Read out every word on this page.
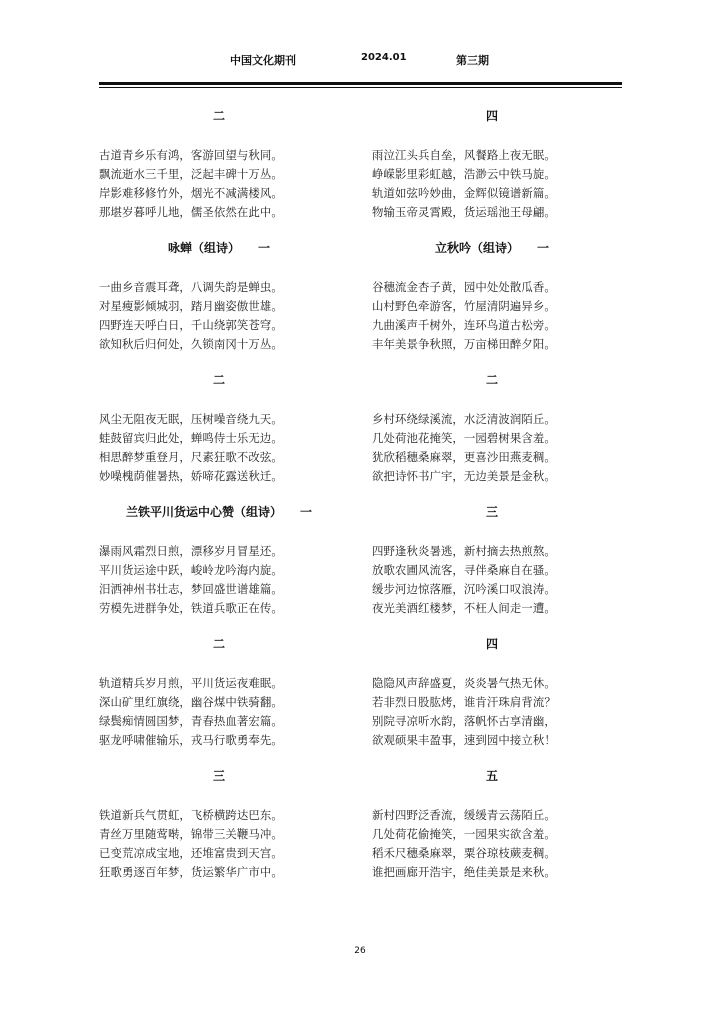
中国文化期刊	2024.01	第三期
二
古道青乡乐有鸿，客游回望与秋同。
飘流逝水三千里，泛起丰碑十万丛。
岸影难移修竹外，烟光不减满楼风。
那堪岁暮呼儿地，儒圣依然在此中。
咏蝉（组诗） 一
一曲乡音震耳聋，八调失韵是蝉虫。
对星瘦影倾城羽，踏月幽姿傲世雄。
四野连天呼白日，千山绕郭笑苍穹。
欲知秋后归何处，久锁南冈十万丛。
二
风尘无阻夜无眠，压树噪音绕九天。
蛙鼓留宾归此处，蝉鸣侍士乐无边。
相思醉梦重登月，尺素狂歌不改弦。
妙噪槐荫催暑热，娇啼花露送秋迁。
兰铁平川货运中心赞（组诗） 一
瀑雨风霜烈日煎，漂移岁月冒星还。
平川货运途中跃，峻岭龙吟海内旋。
汨洒神州书壮志，梦回盛世谱雄篇。
劳模先进群争处，铁道兵歌正在传。
二
轨道精兵岁月煎，平川货运夜难眠。
深山矿里红旗绕，幽谷煤中铁骑翻。
绿鬓痴情圆国梦，青春热血著宏篇。
驱龙呼啸催输乐，戎马行歌勇奉先。
三
铁道新兵气贯虹，飞桥横跨达巴东。
青丝万里随莺啭，锦带三关鞭马冲。
已变荒凉成宝地，还堆富贵到天宫。
狂歌勇逐百年梦，货运繁华广市中。
四
雨泣江头兵自垒，风餐路上夜无眠。
峥嵘影里彩虹越，浩渺云中铁马旋。
轨道如弦吟妙曲，金辉似镜谱新篇。
物输玉帝灵霄殿，货运瑶池王母翩。
立秋吟（组诗） 一
谷穗流金杏子黄，园中处处散瓜香。
山村野色牵游客，竹屋清阴遍异乡。
九曲溪声千树外，连环鸟道古松旁。
丰年美景争秋照，万亩梯田醉夕阳。
二
乡村环绕绿溪流，水泛清波润陌丘。
几处荷池花掩笑，一园碧树果含羞。
犹欣稻穗桑麻翠，更喜沙田燕麦稠。
欲把诗怀书广宇，无边美景是金秋。
三
四野逢秋炎暑逃，新村摘去热煎熬。
放歌农圃风流客，寻伴桑麻自在骚。
缓步河边惊落雁，沉吟溪口叹浪涛。
夜光美酒红楼梦，不枉人间走一遭。
四
隐隐风声辞盛夏，炎炎暑气热无休。
若非烈日股肱烤，谁肯汗珠肩背流？
别院寻凉听水韵，落帆怀古享清幽，
欲观硕果丰盈事，速到园中接立秋！
五
新村四野泛香流，缓缓青云荡陌丘。
几处荷花偷掩笑，一园果实欲含羞。
稻禾尺穗桑麻翠，粟谷琼枝蕨麦稠。
谁把画廊开浩宇，绝佳美景是来秋。
26
